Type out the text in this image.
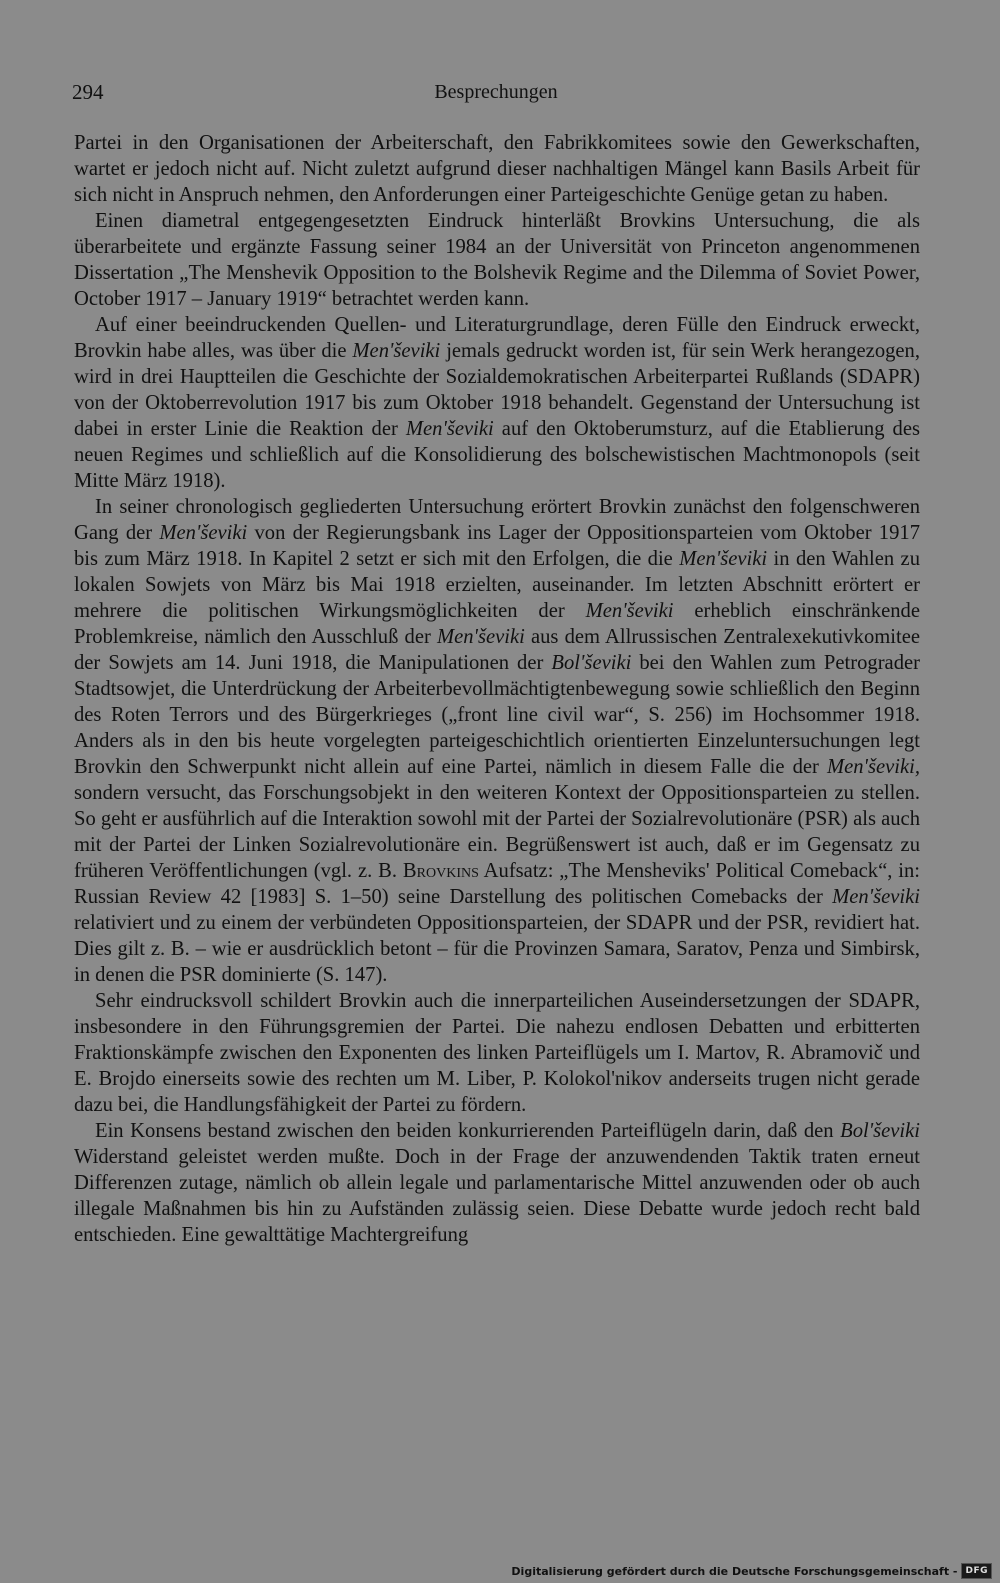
294	Besprechungen

Partei in den Organisationen der Arbeiterschaft, den Fabrikkomitees sowie den Gewerkschaften, wartet er jedoch nicht auf. Nicht zuletzt aufgrund dieser nachhaltigen Mängel kann Basils Arbeit für sich nicht in Anspruch nehmen, den Anforderungen einer Parteigeschichte Genüge getan zu haben.

Einen diametral entgegengesetzten Eindruck hinterläßt Brovkins Untersuchung, die als überarbeitete und ergänzte Fassung seiner 1984 an der Universität von Princeton angenommenen Dissertation „The Menshevik Opposition to the Bolshevik Regime and the Dilemma of Soviet Power, October 1917 – January 1919“ betrachtet werden kann.

Auf einer beeindruckenden Quellen- und Literaturgrundlage, deren Fülle den Eindruck erweckt, Brovkin habe alles, was über die Men'ševiki jemals gedruckt worden ist, für sein Werk herangezogen, wird in drei Hauptteilen die Geschichte der Sozialdemokratischen Arbeiterpartei Rußlands (SDAPR) von der Oktoberrevolution 1917 bis zum Oktober 1918 behandelt. Gegenstand der Untersuchung ist dabei in erster Linie die Reaktion der Men'ševiki auf den Oktoberumsturz, auf die Etablierung des neuen Regimes und schließlich auf die Konsolidierung des bolschewistischen Machtmonopols (seit Mitte März 1918).

In seiner chronologisch gegliederten Untersuchung erörtert Brovkin zunächst den folgenschweren Gang der Men'ševiki von der Regierungsbank ins Lager der Oppositionsparteien vom Oktober 1917 bis zum März 1918. In Kapitel 2 setzt er sich mit den Erfolgen, die die Men'ševiki in den Wahlen zu lokalen Sowjets von März bis Mai 1918 erzielten, auseinander. Im letzten Abschnitt erörtert er mehrere die politischen Wirkungsmöglichkeiten der Men'ševiki erheblich einschränkende Problemkreise, nämlich den Ausschluß der Men'ševiki aus dem Allrussischen Zentralexekutivkomitee der Sowjets am 14. Juni 1918, die Manipulationen der Bol'ševiki bei den Wahlen zum Petrograder Stadtsowjet, die Unterdrückung der Arbeiterbevollmächtigtenbewegung sowie schließlich den Beginn des Roten Terrors und des Bürgerkrieges („front line civil war“, S. 256) im Hochsommer 1918. Anders als in den bis heute vorgelegten parteigeschichtlich orientierten Einzeluntersuchungen legt Brovkin den Schwerpunkt nicht allein auf eine Partei, nämlich in diesem Falle die der Men'ševiki, sondern versucht, das Forschungsobjekt in den weiteren Kontext der Oppositionsparteien zu stellen. So geht er ausführlich auf die Interaktion sowohl mit der Partei der Sozialrevolutionäre (PSR) als auch mit der Partei der Linken Sozialrevolutionäre ein. Begrüßenswert ist auch, daß er im Gegensatz zu früheren Veröffentlichungen (vgl. z. B. Brovkins Aufsatz: „The Mensheviks' Political Comeback“, in: Russian Review 42 [1983] S. 1–50) seine Darstellung des politischen Comebacks der Men'ševiki relativiert und zu einem der verbündeten Oppositionsparteien, der SDAPR und der PSR, revidiert hat. Dies gilt z. B. – wie er ausdrücklich betont – für die Provinzen Samara, Saratov, Penza und Simbirsk, in denen die PSR dominierte (S. 147).

Sehr eindrucksvoll schildert Brovkin auch die innerparteilichen Auseindersetzungen der SDAPR, insbesondere in den Führungsgremien der Partei. Die nahezu endlosen Debatten und erbitterten Fraktionskämpfe zwischen den Exponenten des linken Parteiflügels um I. Martov, R. Abramovič und E. Brojdo einerseits sowie des rechten um M. Liber, P. Kolokol'nikov anderseits trugen nicht gerade dazu bei, die Handlungsfähigkeit der Partei zu fördern.

Ein Konsens bestand zwischen den beiden konkurrierenden Parteiflügeln darin, daß den Bol'ševiki Widerstand geleistet werden mußte. Doch in der Frage der anzuwendenden Taktik traten erneut Differenzen zutage, nämlich ob allein legale und parlamentarische Mittel anzuwenden oder ob auch illegale Maßnahmen bis hin zu Aufständen zulässig seien. Diese Debatte wurde jedoch recht bald entschieden. Eine gewalttätige Machtergreifung

Digitalisierung gefördert durch die Deutsche Forschungsgemeinschaft - DFG
